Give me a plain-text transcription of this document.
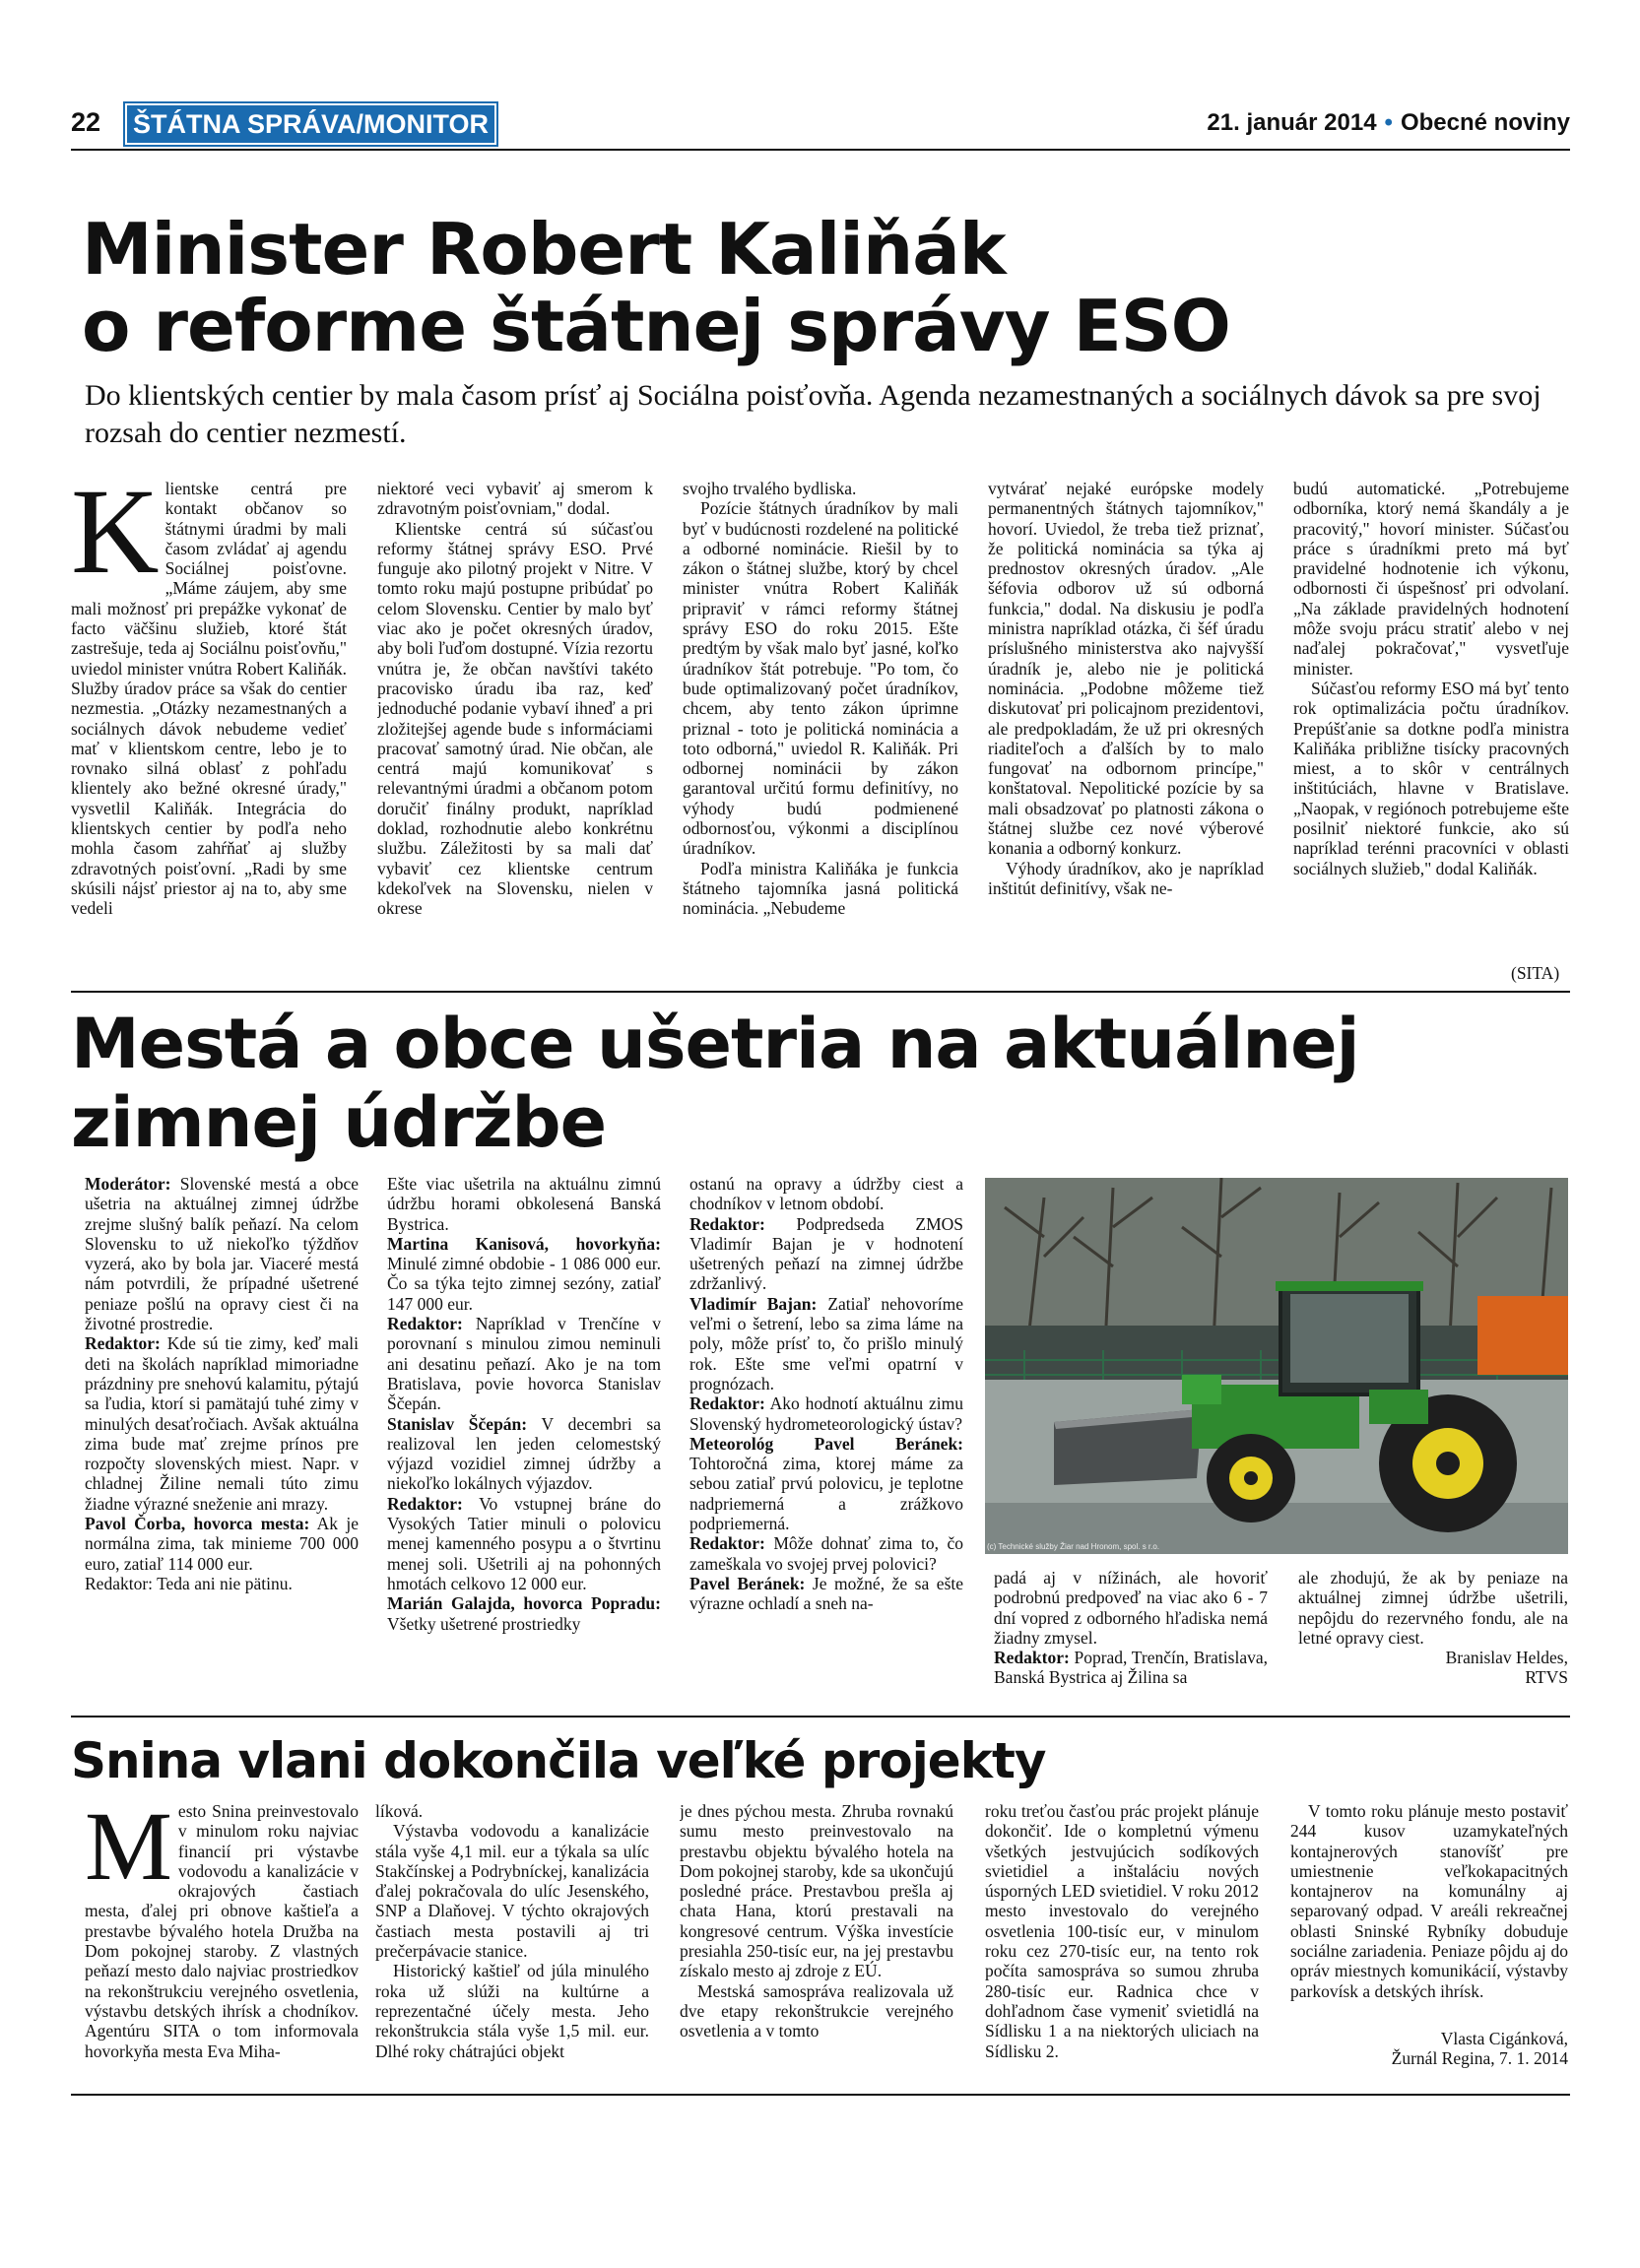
22 ŠTÁTNA SPRÁVA/MONITOR	21. január 2014 • Obecné noviny
Minister Robert Kaliňák
o reforme štátnej správy ESO
Do klientských centier by mala časom prísť aj Sociálna poisťovňa. Agenda nezamestnaných a sociálnych dávok sa pre svoj rozsah do centier nezmestí.
K lientske centrá pre kontakt občanov so štátnymi úradmi by mali časom zvládať aj agendu Sociálnej poisťovne. „Máme záujem, aby sme mali možnosť pri prepážke vykonať de facto väčšinu služieb, ktoré štát zastrešuje, teda aj Sociálnu poisťovňu," uviedol minister vnútra Robert Kaliňák. Služby úradov práce sa však do centier nezmestia. „Otázky nezamestnaných a sociálnych dávok nebudeme vedieť mať v klientskom centre, lebo je to rovnako silná oblasť z pohľadu klientely ako bežné okresné úrady," vysvetlil Kaliňák. Integrácia do klientskych centier by podľa neho mohla časom zahŕňať aj služby zdravotných poisťovní. „Radi by sme skúsili nájsť priestor aj na to, aby sme vedeli

niektoré veci vybaviť aj smerom k zdravotným poisťovniam," dodal.

Klientske centrá sú súčasťou reformy štátnej správy ESO. Prvé funguje ako pilotný projekt v Nitre. V tomto roku majú postupne pribúdať po celom Slovensku. Centier by malo byť viac ako je počet okresných úradov, aby boli ľuďom dostupné. Vízia rezortu vnútra je, že občan navštívi takéto pracovisko úradu iba raz, keď jednoduché podanie vybaví ihneď a pri zložitejšej agende bude s informáciami pracovať samotný úrad. Nie občan, ale centrá majú komunikovať s relevantnými úradmi a občanom potom doručiť finálny produkt, napríklad doklad, rozhodnutie alebo konkrétnu službu. Záležitosti by sa mali dať vybaviť cez klientske centrum kdekoľvek na Slovensku, nielen v okrese

svojho trvalého bydliska.

Pozície štátnych úradníkov by mali byť v budúcnosti rozdelené na politické a odborné nominácie. Riešil by to zákon o štátnej službe, ktorý by chcel minister vnútra Robert Kaliňák pripraviť v rámci reformy štátnej správy ESO do roku 2015. Ešte predtým by však malo byť jasné, koľko úradníkov štát potrebuje. "Po tom, čo bude optimalizovaný počet úradníkov, chcem, aby tento zákon úprimne priznal - toto je politická nominácia a toto odborná," uviedol R. Kaliňák. Pri odbornej nominácii by zákon garantoval určitú formu definitívy, no výhody budú podmienené odbornosťou, výkonmi a disciplínou úradníkov.

Podľa ministra Kaliňáka je funkcia štátneho tajomníka jasná politická nominácia. „Nebudeme

vytvárať nejaké európske modely permanentných štátnych tajomníkov," hovorí. Uviedol, že treba tiež priznať, že politická nominácia sa týka aj prednostov okresných úradov. „Ale šéfovia odborov už sú odborná funkcia," dodal. Na diskusiu je podľa ministra napríklad otázka, či šéf úradu príslušného ministerstva ako najvyšší úradník je, alebo nie je politická nominácia. „Podobne môžeme tiež diskutovať pri policajnom prezidentovi, ale predpokladám, že už pri okresných riaditeľoch a ďalších by to malo fungovať na odbornom princípe," konštatoval. Nepolitické pozície by sa mali obsadzovať po platnosti zákona o štátnej službe cez nové výberové konania a odborný konkurz.

Výhody úradníkov, ako je napríklad inštitút definitívy, však ne-

budú automatické. „Potrebujeme odborníka, ktorý nemá škandály a je pracovitý," hovorí minister. Súčasťou práce s úradníkmi preto má byť pravidelné hodnotenie ich výkonu, odbornosti či úspešnosť pri odvolaní. „Na základe pravidelných hodnotení môže svoju prácu stratiť alebo v nej naďalej pokračovať," vysvetľuje minister.

Súčasťou reformy ESO má byť tento rok optimalizácia počtu úradníkov. Prepúšťanie sa dotkne podľa ministra Kaliňáka približne tisícky pracovných miest, a to skôr v centrálnych inštitúciách, hlavne v Bratislave. „Naopak, v regiónoch potrebujeme ešte posilniť niektoré funkcie, ako sú napríklad terénni pracovníci v oblasti sociálnych služieb," dodal Kaliňák.

(SITA)
Mestá a obce ušetria na aktuálnej
zimnej údržbe

Moderátor: Slovenské mestá a obce ušetria na aktuálnej zimnej údržbe zrejme slušný balík peňazí. Na celom Slovensku to už niekoľko týždňov vyzerá, ako by bola jar. Viaceré mestá nám potvrdili, že prípadné ušetrené peniaze pošlú na opravy ciest či na životné prostredie.

Redaktor: Kde sú tie zimy, keď mali deti na školách napríklad mimoriadne prázdniny pre snehovú kalamitu, pýtajú sa ľudia, ktorí si pamätajú tuhé zimy v minulých desaťročiach. Avšak aktuálna zima bude mať zrejme prínos pre rozpočty slovenských miest. Napr. v chladnej Žiline nemali túto zimu žiadne výrazné sneženie ani mrazy.

Pavol Čorba, hovorca mesta: Ak je normálna zima, tak minieme 700 000 euro, zatiaľ 114 000 eur.

Redaktor: Teda ani nie pätinu.

Ešte viac ušetrila na aktuálnu zimnú údržbu horami obkolesená Banská Bystrica.

Martina Kanisová, hovorkyňa: Minulé zimné obdobie - 1 086 000 eur. Čo sa týka tejto zimnej sezóny, zatiaľ 147 000 eur.

Redaktor: Napríklad v Trenčíne v porovnaní s minulou zimou neminuli ani desatinu peňazí. Ako je na tom Bratislava, povie hovorca Stanislav Ščepán.

Stanislav Ščepán: V decembri sa realizoval len jeden celomestský výjazd vozidiel zimnej údržby a niekoľko lokálnych výjazdov.

Redaktor: Vo vstupnej bráne do Vysokých Tatier minuli o polovicu menej kamenného posypu a o štvrtinu menej soli. Ušetrili aj na pohonných hmotách celkovo 12 000 eur.

Marián Galajda, hovorca Popradu: Všetky ušetrené prostriedky

ostanú na opravy a údržby ciest a chodníkov v letnom období.

Redaktor: Podpredseda ZMOS Vladimír Bajan je v hodnotení ušetrených peňazí na zimnej údržbe zdržanlivý.

Vladimír Bajan: Zatiaľ nehovoríme veľmi o šetrení, lebo sa zima láme na poly, môže prísť to, čo prišlo minulý rok. Ešte sme veľmi opatrní v prognózach.

Redaktor: Ako hodnotí aktuálnu zimu Slovenský hydrometeorologický ústav?

Meteorológ Pavel Beránek: Tohtoročná zima, ktorej máme za sebou zatiaľ prvú polovicu, je teplotne nadpriemerná a zrážkovo podpriemerná.

Redaktor: Môže dohnať zima to, čo zameškala vo svojej prvej polovici?

Pavel Beránek: Je možné, že sa ešte výrazne ochladí a sneh na-

(c) Technické služby Žiar nad Hronom, spol. s r.o.

padá aj v nížinách, ale hovoriť podrobnú predpoveď na viac ako 6 - 7 dní vopred z odborného hľadiska nemá žiadny zmysel.

Redaktor: Poprad, Trenčín, Bratislava, Banská Bystrica aj Žilina sa

ale zhodujú, že ak by peniaze na aktuálnej zimnej údržbe ušetrili, nepôjdu do rezervného fondu, ale na letné opravy ciest.

Branislav Heldes,

RTVS

Snina vlani dokončila veľké projekty
M esto Snina preinvestovalo v minulom roku najviac financií pri výstavbe vodovodu a kanalizácie v okrajových častiach mesta, ďalej pri obnove kaštieľa a prestavbe bývalého hotela Družba na Dom pokojnej staroby. Z vlastných peňazí mesto dalo najviac prostriedkov na rekonštrukciu verejného osvetlenia, výstavbu detských ihrísk a chodníkov. Agentúru SITA o tom informovala hovorkyňa mesta Eva Miha-

líková.

Výstavba vodovodu a kanalizácie stála vyše 4,1 mil. eur a týkala sa ulíc Stakčínskej a Podrybníckej, kanalizácia ďalej pokračovala do ulíc Jesenského, SNP a Dlaňovej. V týchto okrajových častiach mesta postavili aj tri prečerpávacie stanice.

Historický kaštieľ od júla minulého roka už slúži na kultúrne a reprezentačné účely mesta. Jeho rekonštrukcia stála vyše 1,5 mil. eur. Dlhé roky chátrajúci objekt

je dnes pýchou mesta. Zhruba rovnakú sumu mesto preinvestovalo na prestavbu objektu bývalého hotela na Dom pokojnej staroby, kde sa ukončujú posledné práce. Prestavbou prešla aj chata Hana, ktorú prestavali na kongresové centrum. Výška investície presiahla 250-tisíc eur, na jej prestavbu získalo mesto aj zdroje z EÚ.

Mestská samospráva realizovala už dve etapy rekonštrukcie verejného osvetlenia a v tomto

roku treťou časťou prác projekt plánuje dokončiť. Ide o kompletnú výmenu všetkých jestvujúcich sodíkových svietidiel a inštaláciu nových úsporných LED svietidiel. V roku 2012 mesto investovalo do verejného osvetlenia 100-tisíc eur, v minulom roku cez 270-tisíc eur, na tento rok počíta samospráva so sumou zhruba 280-tisíc eur. Radnica chce v dohľadnom čase vymeniť svietidlá na Sídlisku 1 a na niektorých uliciach na Sídlisku 2.

V tomto roku plánuje mesto postaviť 244 kusov uzamykateľných kontajnerových stanovíšť pre umiestnenie veľkokapacitných kontajnerov na komunálny aj separovaný odpad. V areáli rekreačnej oblasti Sninské Rybníky dobuduje sociálne zariadenia. Peniaze pôjdu aj do opráv miestnych komunikácií, výstavby parkovísk a detských ihrísk.

Vlasta Cigánková,

Žurnál Regina, 7. 1. 2014
